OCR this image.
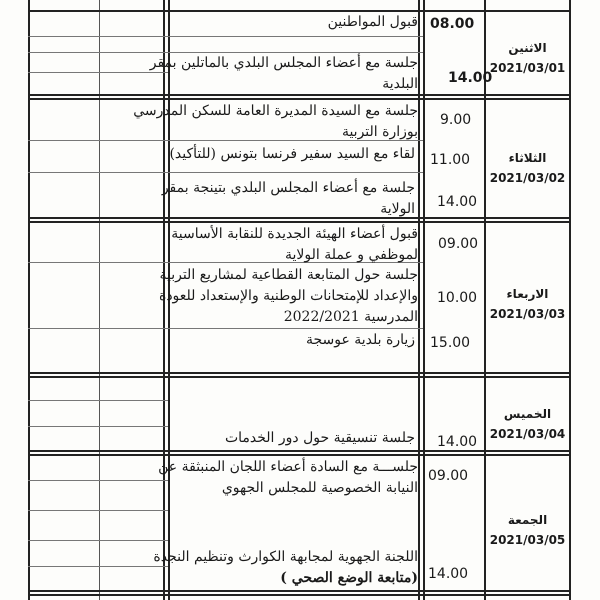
الاثنين
2021/03/01
08.00
قبول المواطنين
14.00
جلسة مع أعضاء المجلس البلدي بالماتلين بمقر
البلدية
الثلاثاء
2021/03/02
9.00
جلسة مع السيدة المديرة العامة للسكن المدرسي
بوزارة التربية
11.00
لقاء مع السيد سفير فرنسا بتونس (للتأكيد)
14.00
جلسة مع أعضاء المجلس البلدي بتينجة بمقر
الولاية
الاربعاء
2021/03/03
09.00
قبول أعضاء الهيئة الجديدة للنقابة الأساسية
لموظفي و عملة الولاية
10.00
جلسة حول المتابعة القطاعية لمشاريع التربية
والإعداد للإمتحانات الوطنية والإستعداد للعودة
المدرسية 2022/2021
15.00
زيارة بلدية عوسجة
الخميس
2021/03/04
14.00
جلسة تنسيقية حول دور الخدمات
الجمعة
2021/03/05
09.00
جلســـة مع السادة أعضاء اللجان المنبثقة عن
النيابة الخصوصية للمجلس الجهوي
14.00
اللجنة الجهوية لمجابهة الكوارث وتنظيم النجدة
(متابعة الوضع الصحي )
